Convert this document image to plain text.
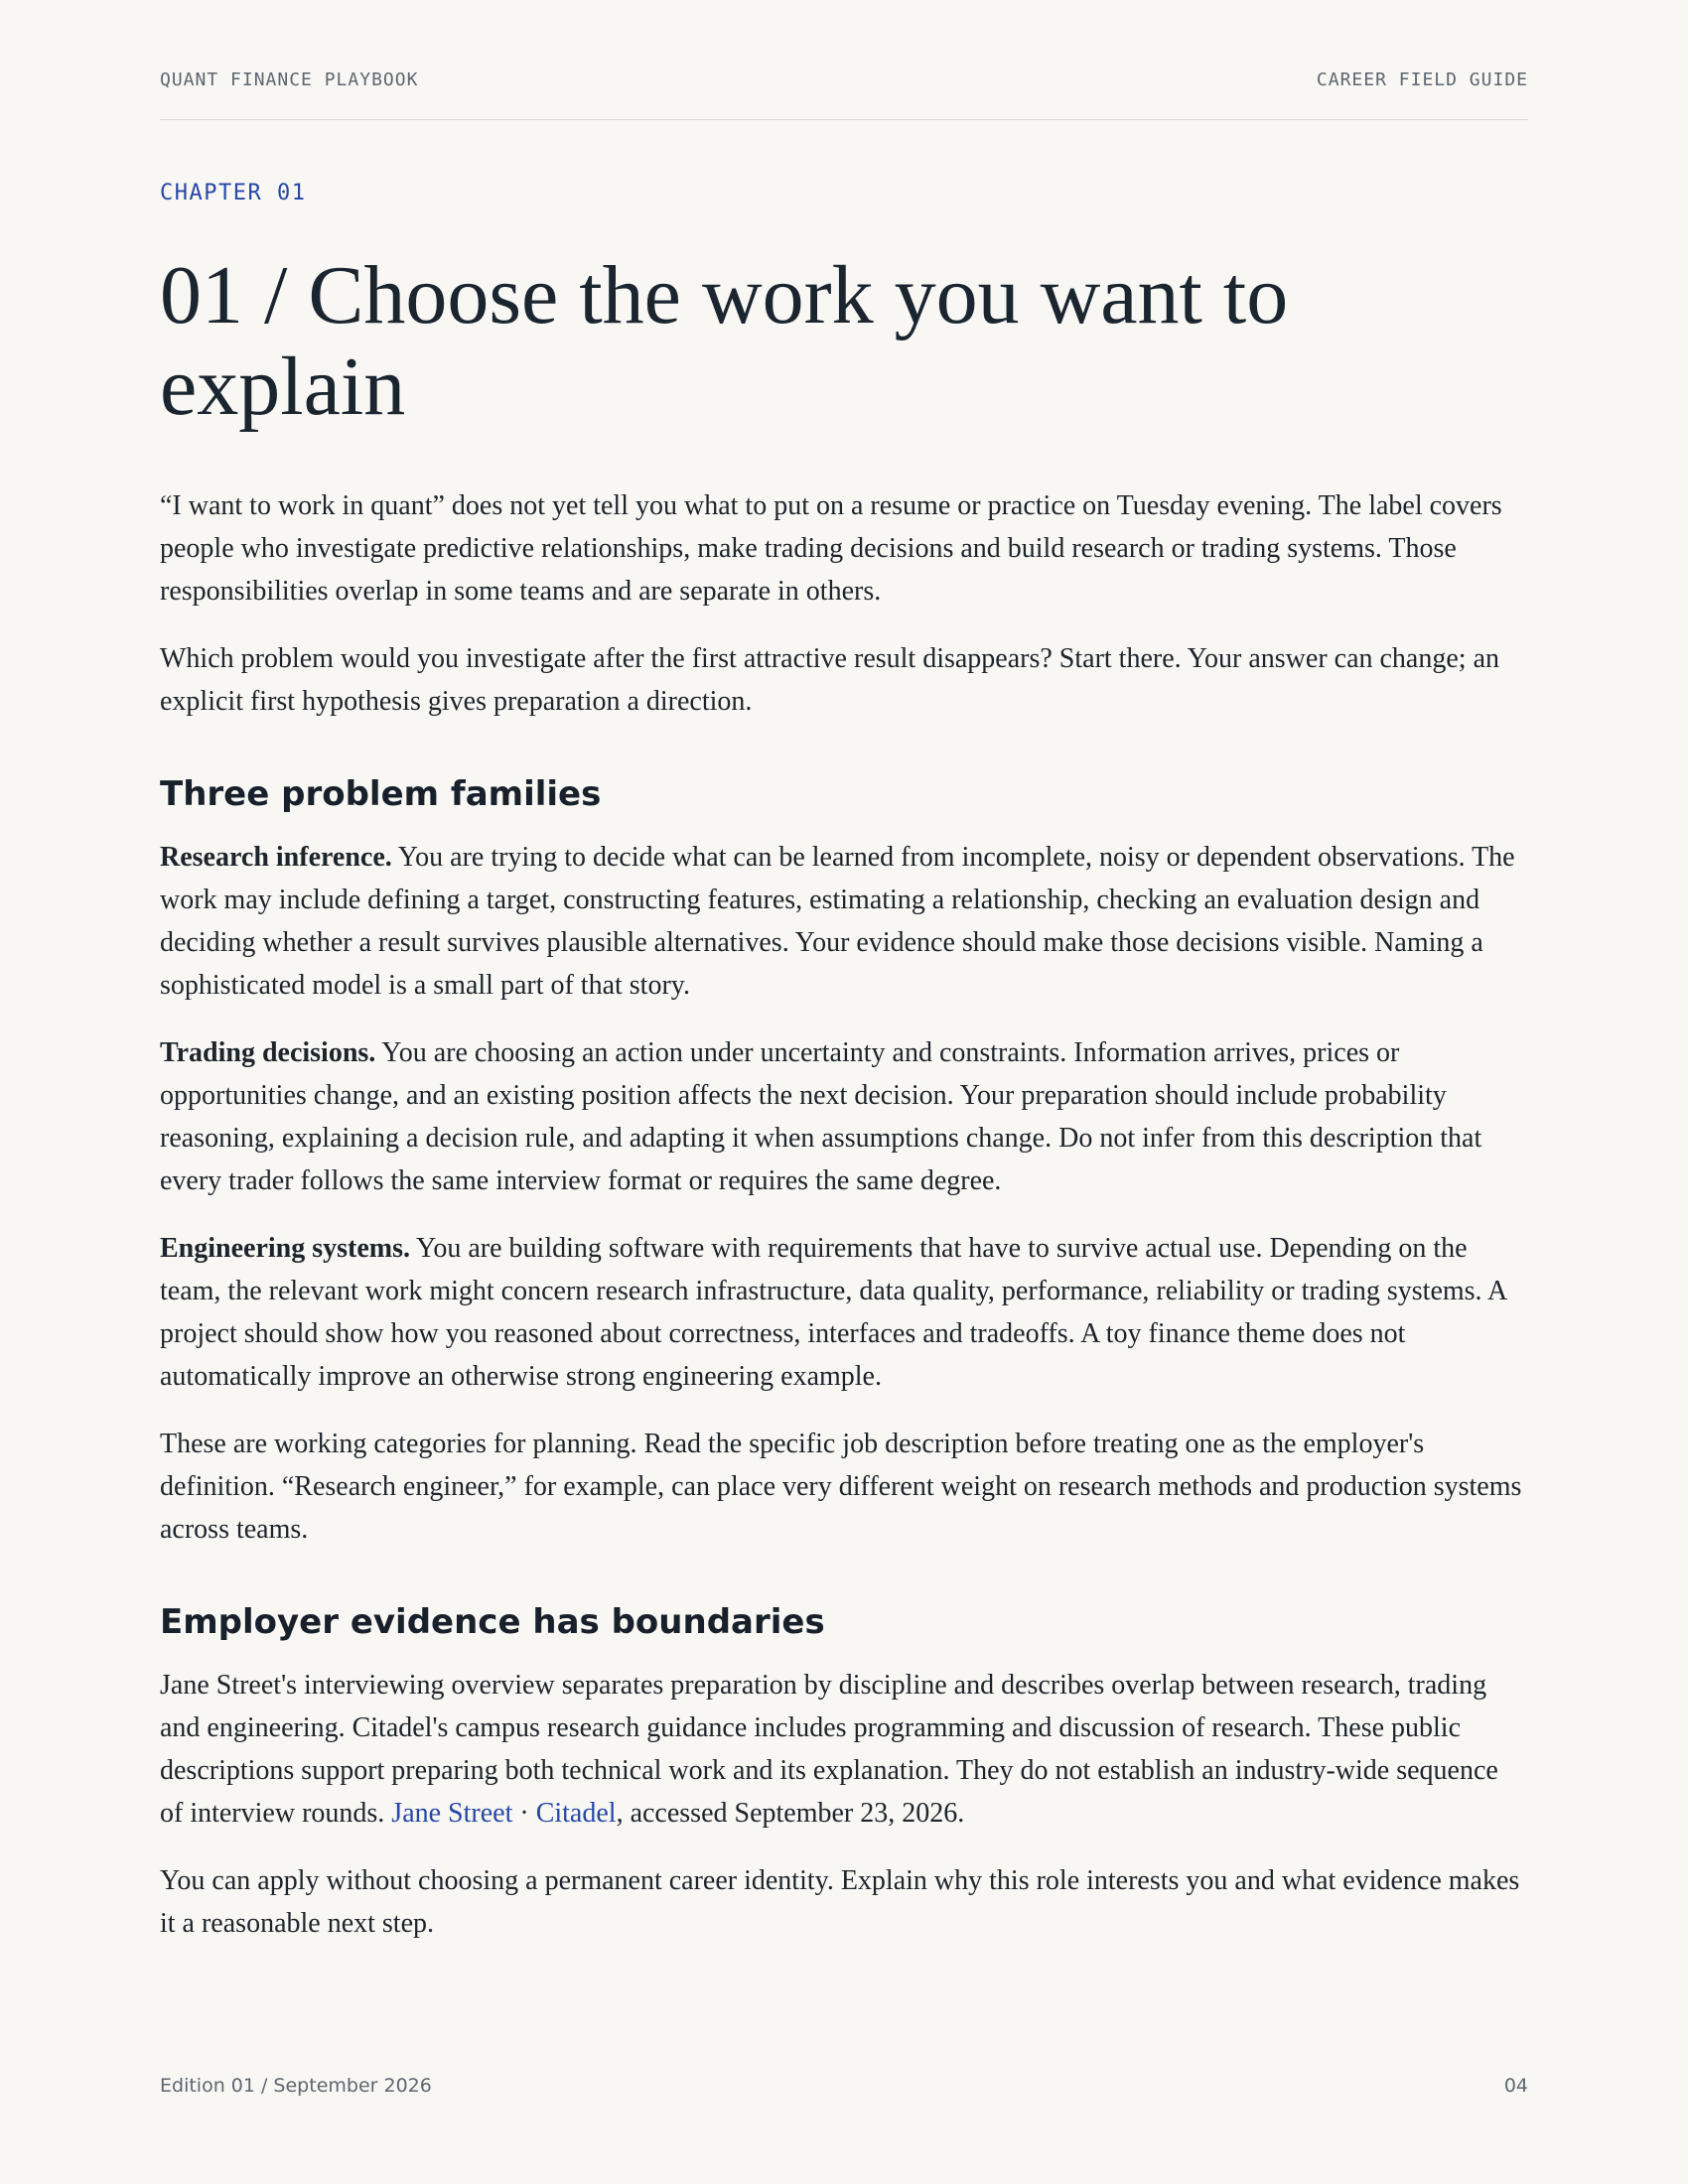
QUANT FINANCE PLAYBOOK	CAREER FIELD GUIDE
CHAPTER 01
01 / Choose the work you want to explain

“I want to work in quant” does not yet tell you what to put on a resume or practice on Tuesday evening. The label covers people who investigate predictive relationships, make trading decisions and build research or trading systems. Those responsibilities overlap in some teams and are separate in others.

Which problem would you investigate after the first attractive result disappears? Start there. Your answer can change; an explicit first hypothesis gives preparation a direction.

Three problem families

Research inference. You are trying to decide what can be learned from incomplete, noisy or dependent observations. The work may include defining a target, constructing features, estimating a relationship, checking an evaluation design and deciding whether a result survives plausible alternatives. Your evidence should make those decisions visible. Naming a sophisticated model is a small part of that story.

Trading decisions. You are choosing an action under uncertainty and constraints. Information arrives, prices or opportunities change, and an existing position affects the next decision. Your preparation should include probability reasoning, explaining a decision rule, and adapting it when assumptions change. Do not infer from this description that every trader follows the same interview format or requires the same degree.

Engineering systems. You are building software with requirements that have to survive actual use. Depending on the team, the relevant work might concern research infrastructure, data quality, performance, reliability or trading systems. A project should show how you reasoned about correctness, interfaces and tradeoffs. A toy finance theme does not automatically improve an otherwise strong engineering example.

These are working categories for planning. Read the specific job description before treating one as the employer's definition. “Research engineer,” for example, can place very different weight on research methods and production systems across teams.

Employer evidence has boundaries

Jane Street's interviewing overview separates preparation by discipline and describes overlap between research, trading and engineering. Citadel's campus research guidance includes programming and discussion of research. These public descriptions support preparing both technical work and its explanation. They do not establish an industry-wide sequence of interview rounds. Jane Street · Citadel, accessed September 23, 2026.

You can apply without choosing a permanent career identity. Explain why this role interests you and what evidence makes it a reasonable next step.

Edition 01 / September 2026	04
